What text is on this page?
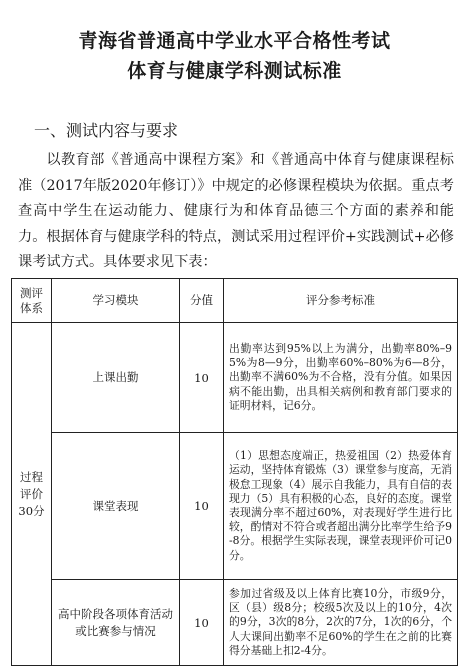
青海省普通高中学业水平合格性考试
体育与健康学科测试标准
一、测试内容与要求

以教育部《普通高中课程方案》和《普通高中体育与健康课程标准（2017年版2020年修订）》中规定的必修课程模块为依据。重点考查高中学生在运动能力、健康行为和体育品德三个方面的素养和能力。根据体育与健康学科的特点，测试采用过程评价+实践测试+必修课考试方式。具体要求见下表：

测评体系	学习模块	分值	评分参考标准

过程
评价
30分	上课出勤	10	出勤率达到95%以上为满分，出勤率80%–95%为8—9分，出勤率60%–80%为6—8分，出勤率不满60%为不合格，没有分值。如果因病不能出勤，出具相关病例和教育部门要求的证明材料，记6分。
	课堂表现	10	（1）思想态度端正，热爱祖国（2）热爱体育运动，坚持体育锻炼（3）课堂参与度高，无消极怠工现象（4）展示自我能力，具有自信的表现力（5）具有积极的心态，良好的态度。课堂表现满分率不超过60%，对表现好学生进行比较，酌情对不符合或者超出满分比率学生给予9-8分。根据学生实际表现，课堂表现评价可记0分。
	高中阶段各项体育活动或比赛参与情况	10	参加过省级及以上体育比赛10分，市级9分，区（县）级8分；校级5次及以上的10分，4次的9分，3次的8分，2次的7分，1次的6分，个人大课间出勤率不足60%的学生在之前的比赛得分基础上扣2-4分。
